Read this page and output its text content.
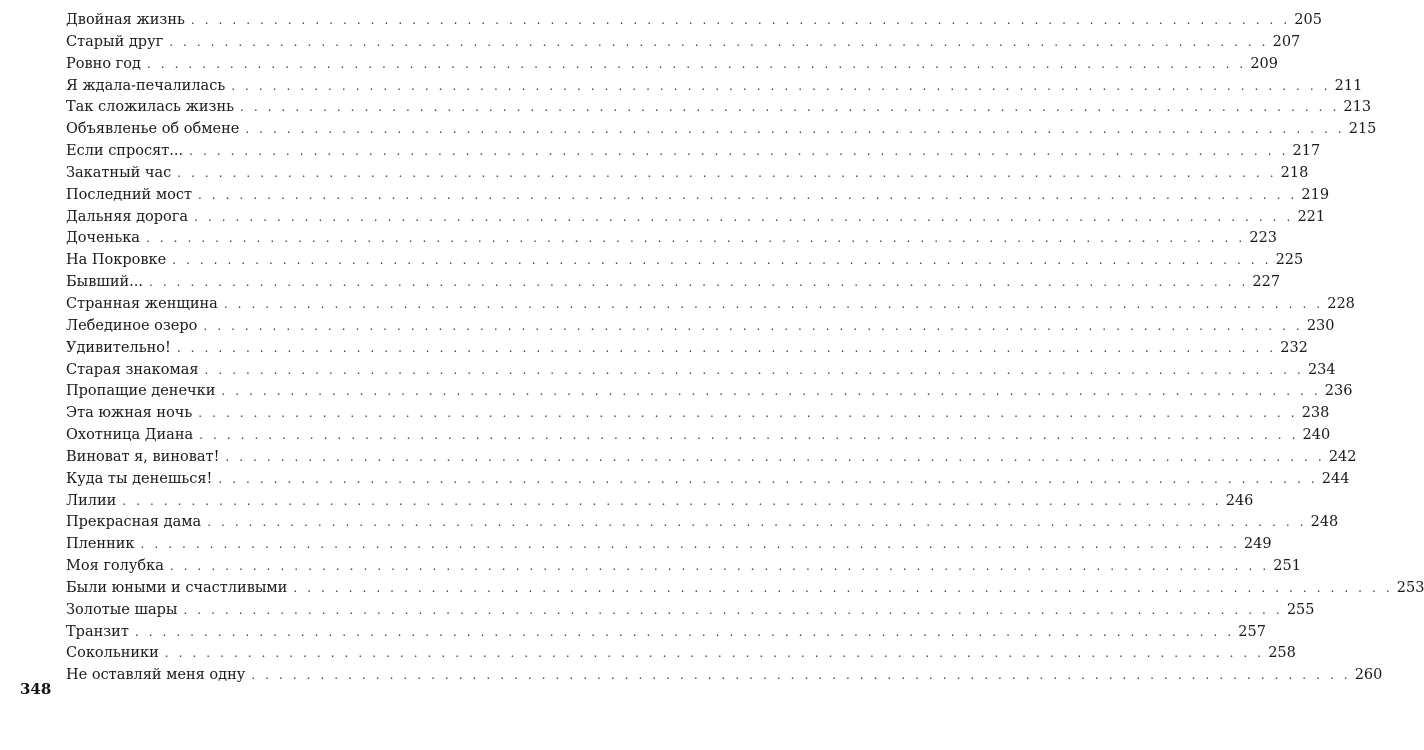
348
Двойная жизнь . . . . . . . . . . . . . . . . . . . . . . . . . . . . . . . . . . . . . . . . . . . . . . . . . . . . . . . . . . . . . . . . . . . . . . . . . . . . . . . . 205
Старый друг . . . . . . . . . . . . . . . . . . . . . . . . . . . . . . . . . . . . . . . . . . . . . . . . . . . . . . . . . . . . . . . . . . . . . . . . . . . . . . . . 207
Ровно год . . . . . . . . . . . . . . . . . . . . . . . . . . . . . . . . . . . . . . . . . . . . . . . . . . . . . . . . . . . . . . . . . . . . . . . . . . . . . . . . 209
Я ждала-печалилась . . . . . . . . . . . . . . . . . . . . . . . . . . . . . . . . . . . . . . . . . . . . . . . . . . . . . . . . . . . . . . . . . . . . . . . . . . . . . . . . 211
Так сложилась жизнь . . . . . . . . . . . . . . . . . . . . . . . . . . . . . . . . . . . . . . . . . . . . . . . . . . . . . . . . . . . . . . . . . . . . . . . . . . . . . . . . 213
Объявленье об обмене . . . . . . . . . . . . . . . . . . . . . . . . . . . . . . . . . . . . . . . . . . . . . . . . . . . . . . . . . . . . . . . . . . . . . . . . . . . . . . . . 215
Если спросят... . . . . . . . . . . . . . . . . . . . . . . . . . . . . . . . . . . . . . . . . . . . . . . . . . . . . . . . . . . . . . . . . . . . . . . . . . . . . . . . . 217
Закатный час . . . . . . . . . . . . . . . . . . . . . . . . . . . . . . . . . . . . . . . . . . . . . . . . . . . . . . . . . . . . . . . . . . . . . . . . . . . . . . . . 218
Последний мост . . . . . . . . . . . . . . . . . . . . . . . . . . . . . . . . . . . . . . . . . . . . . . . . . . . . . . . . . . . . . . . . . . . . . . . . . . . . . . . . 219
Дальняя дорога . . . . . . . . . . . . . . . . . . . . . . . . . . . . . . . . . . . . . . . . . . . . . . . . . . . . . . . . . . . . . . . . . . . . . . . . . . . . . . . . 221
Доченька . . . . . . . . . . . . . . . . . . . . . . . . . . . . . . . . . . . . . . . . . . . . . . . . . . . . . . . . . . . . . . . . . . . . . . . . . . . . . . . . 223
На Покровке . . . . . . . . . . . . . . . . . . . . . . . . . . . . . . . . . . . . . . . . . . . . . . . . . . . . . . . . . . . . . . . . . . . . . . . . . . . . . . . . 225
Бывший... . . . . . . . . . . . . . . . . . . . . . . . . . . . . . . . . . . . . . . . . . . . . . . . . . . . . . . . . . . . . . . . . . . . . . . . . . . . . . . . . 227
Странная женщина . . . . . . . . . . . . . . . . . . . . . . . . . . . . . . . . . . . . . . . . . . . . . . . . . . . . . . . . . . . . . . . . . . . . . . . . . . . . . . . . 228
Лебединое озеро . . . . . . . . . . . . . . . . . . . . . . . . . . . . . . . . . . . . . . . . . . . . . . . . . . . . . . . . . . . . . . . . . . . . . . . . . . . . . . . . 230
Удивительно! . . . . . . . . . . . . . . . . . . . . . . . . . . . . . . . . . . . . . . . . . . . . . . . . . . . . . . . . . . . . . . . . . . . . . . . . . . . . . . . . 232
Старая знакомая . . . . . . . . . . . . . . . . . . . . . . . . . . . . . . . . . . . . . . . . . . . . . . . . . . . . . . . . . . . . . . . . . . . . . . . . . . . . . . . . 234
Пропащие денечки . . . . . . . . . . . . . . . . . . . . . . . . . . . . . . . . . . . . . . . . . . . . . . . . . . . . . . . . . . . . . . . . . . . . . . . . . . . . . . . . 236
Эта южная ночь . . . . . . . . . . . . . . . . . . . . . . . . . . . . . . . . . . . . . . . . . . . . . . . . . . . . . . . . . . . . . . . . . . . . . . . . . . . . . . . . 238
Охотница Диана . . . . . . . . . . . . . . . . . . . . . . . . . . . . . . . . . . . . . . . . . . . . . . . . . . . . . . . . . . . . . . . . . . . . . . . . . . . . . . . . 240
Виноват я, виноват! . . . . . . . . . . . . . . . . . . . . . . . . . . . . . . . . . . . . . . . . . . . . . . . . . . . . . . . . . . . . . . . . . . . . . . . . . . . . . . . . 242
Куда ты денешься! . . . . . . . . . . . . . . . . . . . . . . . . . . . . . . . . . . . . . . . . . . . . . . . . . . . . . . . . . . . . . . . . . . . . . . . . . . . . . . . . 244
Лилии . . . . . . . . . . . . . . . . . . . . . . . . . . . . . . . . . . . . . . . . . . . . . . . . . . . . . . . . . . . . . . . . . . . . . . . . . . . . . . . . 246
Прекрасная дама . . . . . . . . . . . . . . . . . . . . . . . . . . . . . . . . . . . . . . . . . . . . . . . . . . . . . . . . . . . . . . . . . . . . . . . . . . . . . . . . 248
Пленник . . . . . . . . . . . . . . . . . . . . . . . . . . . . . . . . . . . . . . . . . . . . . . . . . . . . . . . . . . . . . . . . . . . . . . . . . . . . . . . . 249
Моя голубка . . . . . . . . . . . . . . . . . . . . . . . . . . . . . . . . . . . . . . . . . . . . . . . . . . . . . . . . . . . . . . . . . . . . . . . . . . . . . . . . 251
Были юными и счастливыми . . . . . . . . . . . . . . . . . . . . . . . . . . . . . . . . . . . . . . . . . . . . . . . . . . . . . . . . . . . . . . . . . . . . . . . . . . . . . . . . 253
Золотые шары . . . . . . . . . . . . . . . . . . . . . . . . . . . . . . . . . . . . . . . . . . . . . . . . . . . . . . . . . . . . . . . . . . . . . . . . . . . . . . . . 255
Транзит . . . . . . . . . . . . . . . . . . . . . . . . . . . . . . . . . . . . . . . . . . . . . . . . . . . . . . . . . . . . . . . . . . . . . . . . . . . . . . . . 257
Сокольники . . . . . . . . . . . . . . . . . . . . . . . . . . . . . . . . . . . . . . . . . . . . . . . . . . . . . . . . . . . . . . . . . . . . . . . . . . . . . . . . 258
Не оставляй меня одну . . . . . . . . . . . . . . . . . . . . . . . . . . . . . . . . . . . . . . . . . . . . . . . . . . . . . . . . . . . . . . . . . . . . . . . . . . . . . . . . 260
